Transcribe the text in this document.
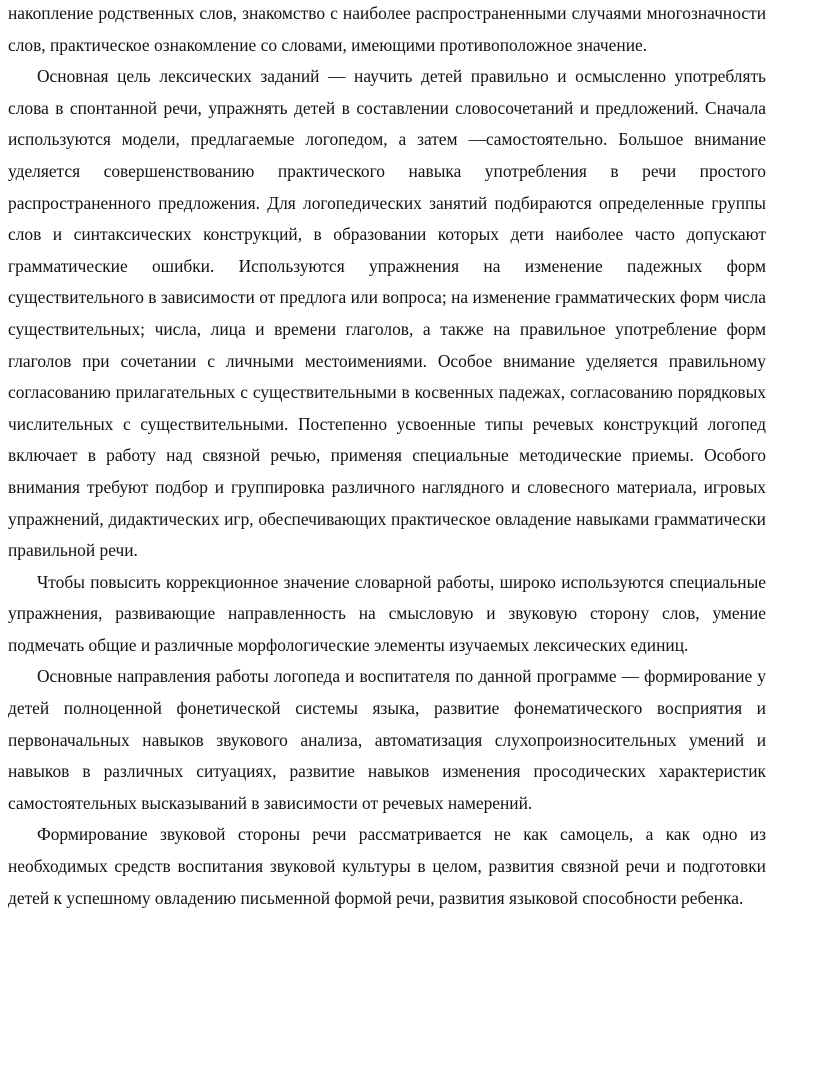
накопление родственных слов, знакомство с наиболее распространенными случаями многозначности слов, практическое ознакомление со словами, имеющими противоположное значение.

Основная цель лексических заданий — научить детей правильно и осмысленно употреблять слова в спонтанной речи, упражнять детей в составлении словосочетаний и предложений. Сначала используются модели, предлагаемые логопедом, а затем —самостоятельно. Большое внимание уделяется совершенствованию практического навыка употребления в речи простого распространенного предложения. Для логопедических занятий подбираются определенные группы слов и синтаксических конструкций, в образовании которых дети наиболее часто допускают грамматические ошибки. Используются упражнения на изменение падежных форм существительного в зависимости от предлога или вопроса; на изменение грамматических форм числа существительных; числа, лица и времени глаголов, а также на правильное употребление форм глаголов при сочетании с личными местоимениями. Особое внимание уделяется правильному согласованию прилагательных с существительными в косвенных падежах, согласованию порядковых числительных с существительными. Постепенно усвоенные типы речевых конструкций логопед включает в работу над связной речью, применяя специальные методические приемы. Особого внимания требуют подбор и группировка различного наглядного и словесного материала, игровых упражнений, дидактических игр, обеспечивающих практическое овладение навыками грамматически правильной речи.

Чтобы повысить коррекционное значение словарной работы, широко используются специальные упражнения, развивающие направленность на смысловую и звуковую сторону слов, умение подмечать общие и различные морфологические элементы изучаемых лексических единиц.

Основные направления работы логопеда и воспитателя по данной программе — формирование у детей полноценной фонетической системы языка, развитие фонематического восприятия и первоначальных навыков звукового анализа, автоматизация слухопроизносительных умений и навыков в различных ситуациях, развитие навыков изменения просодических характеристик самостоятельных высказываний в зависимости от речевых намерений.

Формирование звуковой стороны речи рассматривается не как самоцель, а как одно из необходимых средств воспитания звуковой культуры в целом, развития связной речи и подготовки детей к успешному овладению письменной формой речи, развития языковой способности ребенка.
